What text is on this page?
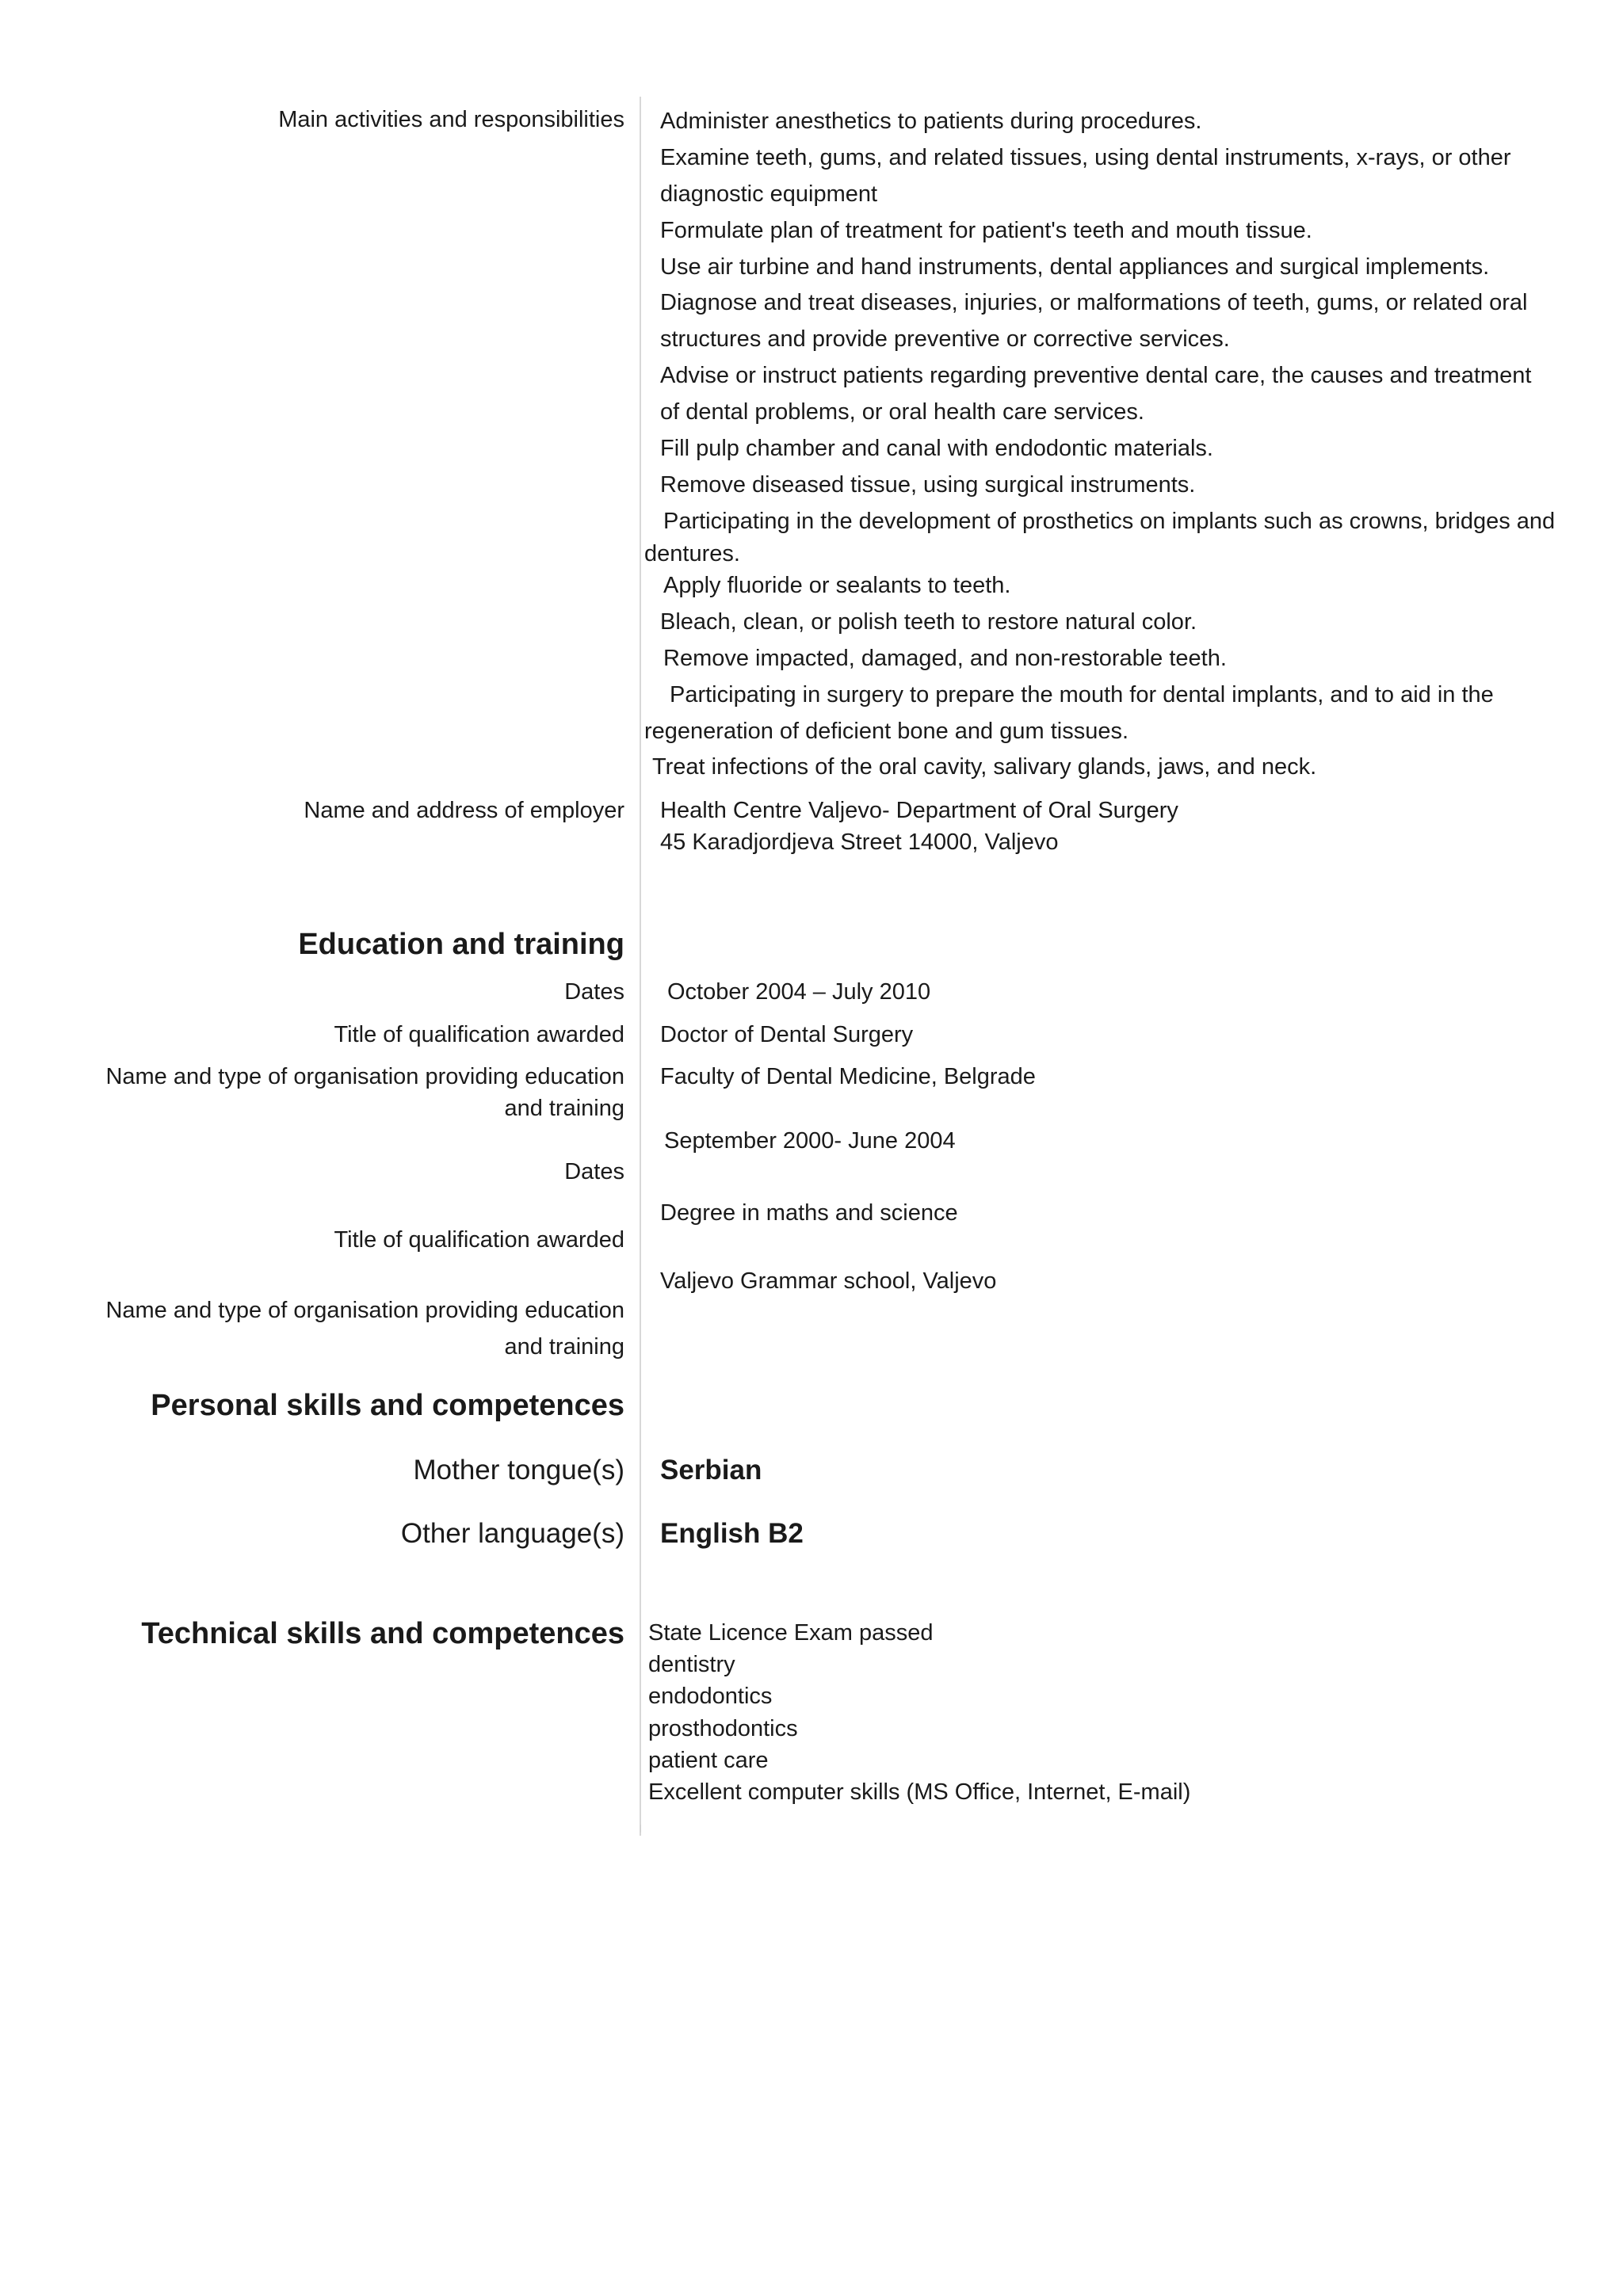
Main activities and responsibilities Administer anesthetics to patients during procedures.
Examine teeth, gums, and related tissues, using dental instruments, x-rays, or other
diagnostic equipment
Formulate plan of treatment for patient's teeth and mouth tissue.
Use air turbine and hand instruments, dental appliances and surgical implements.
Diagnose and treat diseases, injuries, or malformations of teeth, gums, or related oral
structures and provide preventive or corrective services.
Advise or instruct patients regarding preventive dental care, the causes and treatment
of dental problems, or oral health care services.
Fill pulp chamber and canal with endodontic materials.
Remove diseased tissue, using surgical instruments.
Participating in the development of prosthetics on implants such as crowns, bridges and
dentures.
Apply fluoride or sealants to teeth.
Bleach, clean, or polish teeth to restore natural color.
Remove impacted, damaged, and non-restorable teeth.
Participating in surgery to prepare the mouth for dental implants, and to aid in the
regeneration of deficient bone and gum tissues.
Treat infections of the oral cavity, salivary glands, jaws, and neck.
Name and address of employer Health Centre Valjevo- Department of Oral Surgery
45 Karadjordjeva Street 14000, Valjevo
Education and training
Dates October 2004 – July 2010
Title of qualification awarded Doctor of Dental Surgery
Name and type of organisation providing education and training
Faculty of Dental Medicine, Belgrade
September 2000- June 2004
Dates
Degree in maths and science
Title of qualification awarded
Valjevo Grammar school, Valjevo
Name and type of organisation providing education and training
Personal skills and competences
Mother tongue(s) Serbian
Other language(s) English B2
Technical skills and competences State Licence Exam passed
dentistry
endodontics
prosthodontics
patient care
Excellent computer skills (MS Office, Internet, E-mail)
